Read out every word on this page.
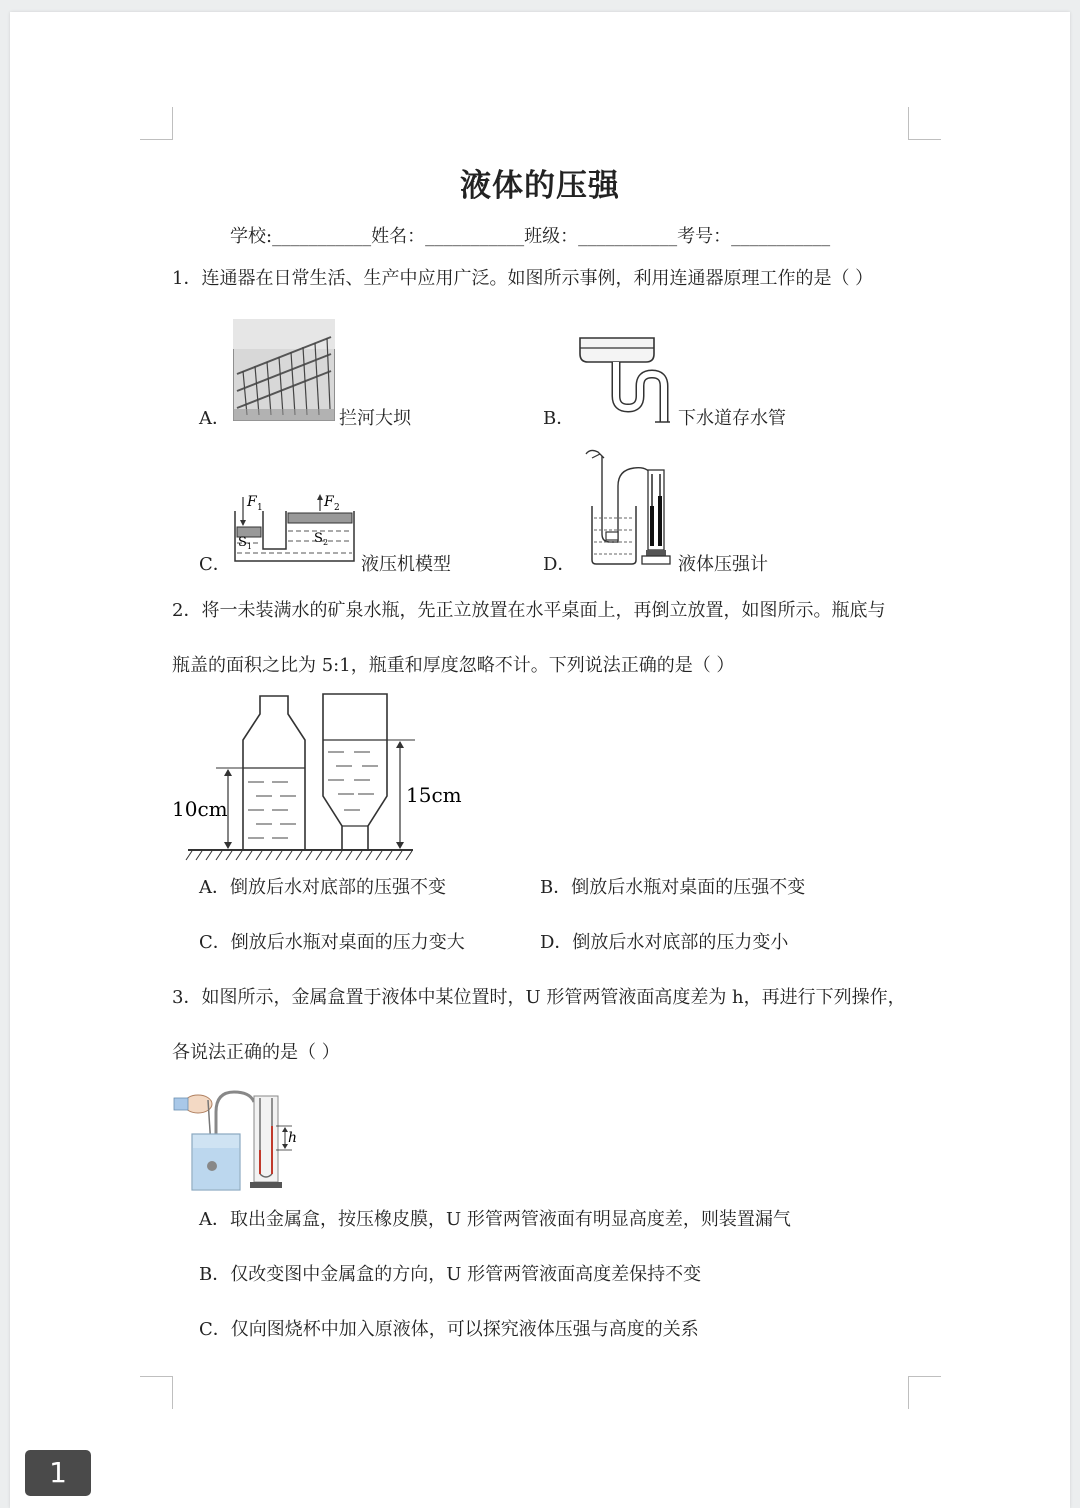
液体的压强
学校:___________姓名：___________班级：___________考号：___________
1．连通器在日常生活、生产中应用广泛。如图所示事例，利用连通器原理工作的是（ ）
A．	拦河大坝	B．	下水道存水管
C．
F 1	F 2
S 1
S 2
液压机模型	D．	液体压强计
2．将一未装满水的矿泉水瓶，先正立放置在水平桌面上，再倒立放置，如图所示。瓶底与
瓶盖的面积之比为 5:1，瓶重和厚度忽略不计。下列说法正确的是（ ）
10cm
15cm
A．倒放后水对底部的压强不变	B．倒放后水瓶对桌面的压强不变
C．倒放后水瓶对桌面的压力变大	D．倒放后水对底部的压力变小
3．如图所示，金属盒置于液体中某位置时，U 形管两管液面高度差为 h，再进行下列操作，
各说法正确的是（ ）
h
A．取出金属盒，按压橡皮膜，U 形管两管液面有明显高度差，则装置漏气
B．仅改变图中金属盒的方向，U 形管两管液面高度差保持不变
C．仅向图烧杯中加入原液体，可以探究液体压强与高度的关系
1
